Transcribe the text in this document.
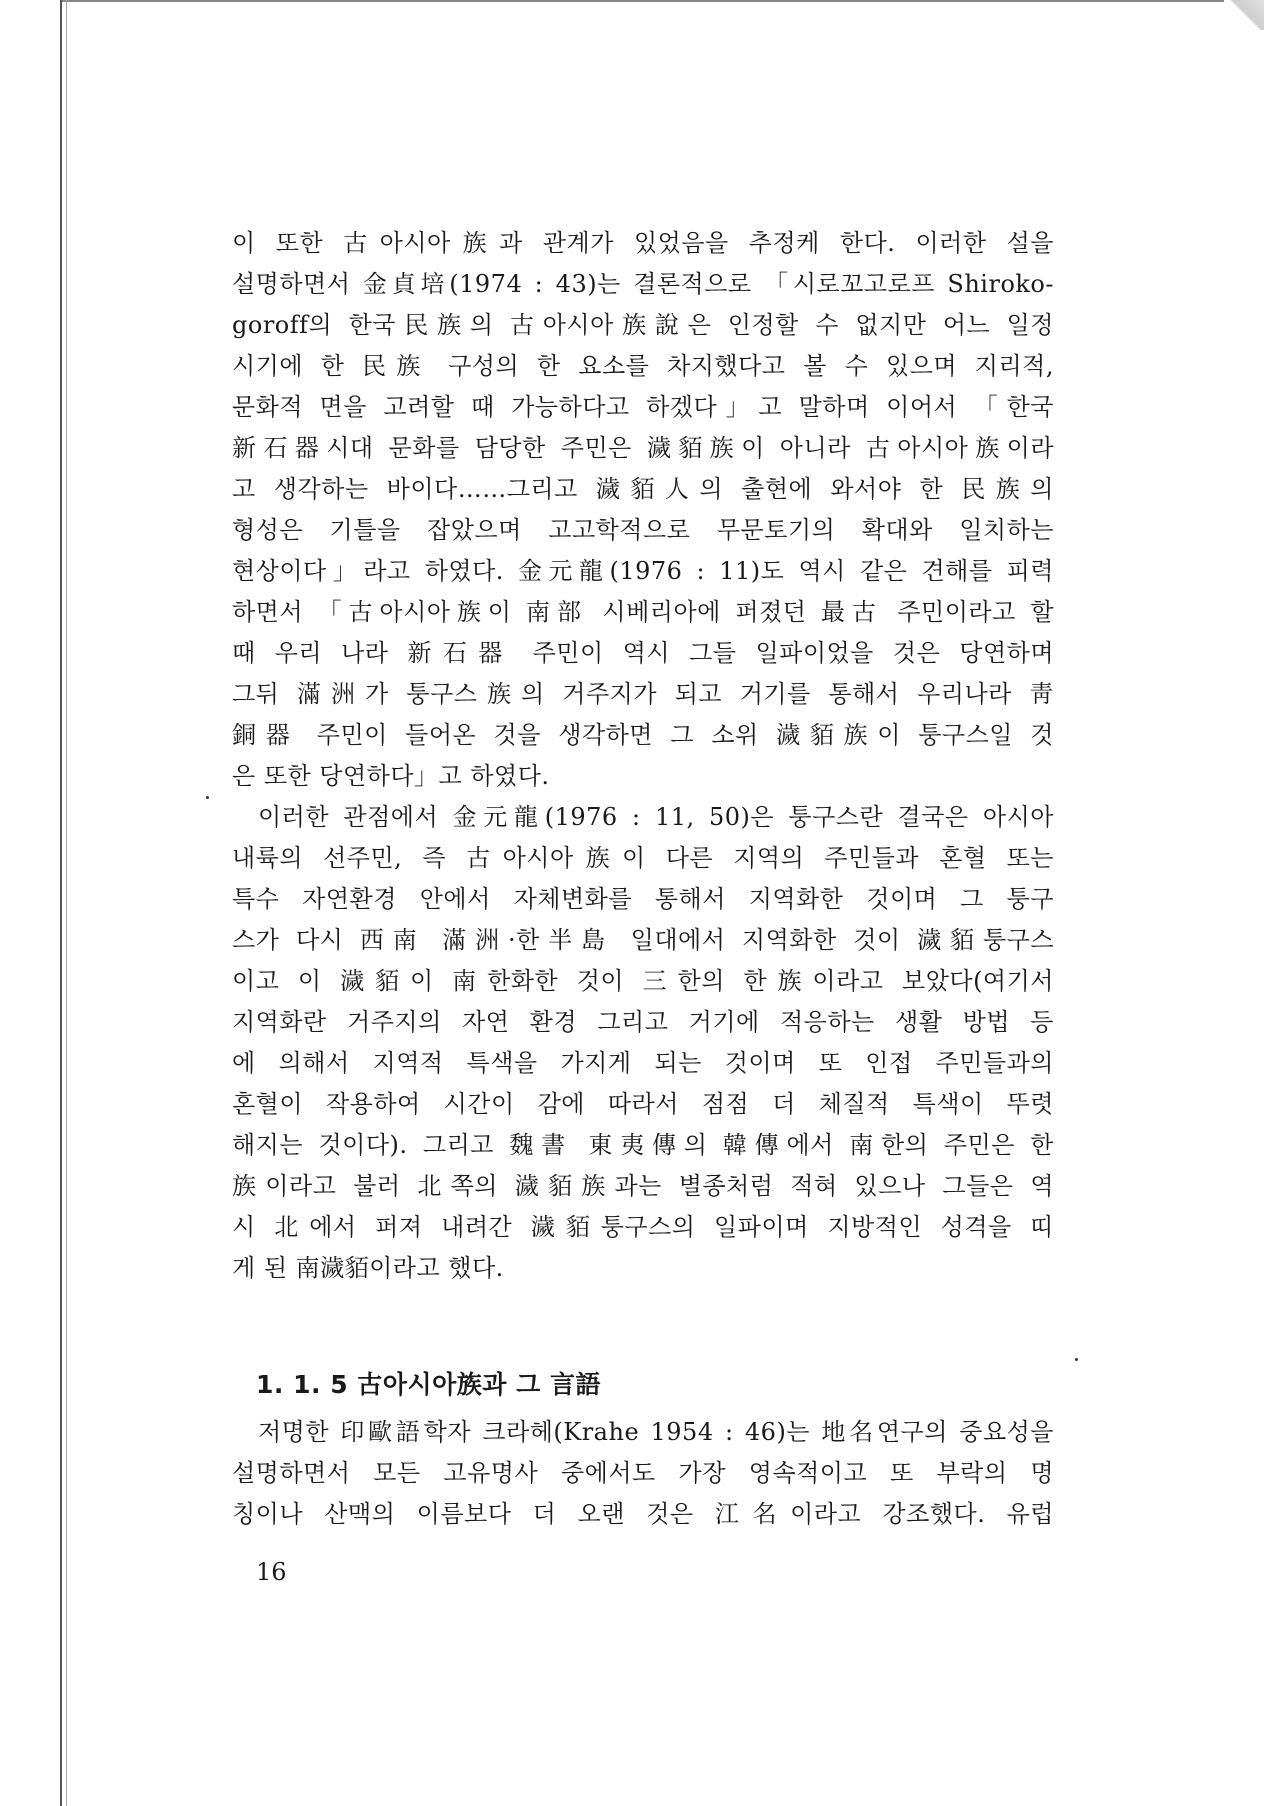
이 또한 古아시아族과 관계가 있었음을 추정케 한다. 이러한 설을
설명하면서 金貞培(1974 : 43)는 결론적으로 「시로꼬고로프 Shiroko-
goroff의 한국民族의 古아시아族說은 인정할 수 없지만 어느 일정
시기에 한 民族 구성의 한 요소를 차지했다고 볼 수 있으며 지리적,
문화적 면을 고려할 때 가능하다고 하겠다」고 말하며 이어서 「한국
新石器시대 문화를 담당한 주민은 濊貊族이 아니라 古아시아族이라
고 생각하는 바이다……그리고 濊貊人의 출현에 와서야 한 民族의
형성은 기틀을 잡았으며 고고학적으로 무문토기의 확대와 일치하는
현상이다」라고 하였다. 金元龍(1976 : 11)도 역시 같은 견해를 피력
하면서 「古아시아族이 南部 시베리아에 퍼졌던 最古 주민이라고 할
때 우리 나라 新石器 주민이 역시 그들 일파이었을 것은 당연하며
그뒤 滿洲가 퉁구스族의 거주지가 되고 거기를 통해서 우리나라 靑
銅器 주민이 들어온 것을 생각하면 그 소위 濊貊族이 퉁구스일 것
은 또한 당연하다」고 하였다.
이러한 관점에서 金元龍(1976 : 11, 50)은 퉁구스란 결국은 아시아
내륙의 선주민, 즉 古아시아族이 다른 지역의 주민들과 혼혈 또는
특수 자연환경 안에서 자체변화를 통해서 지역화한 것이며 그 퉁구
스가 다시 西南 滿洲·한半島 일대에서 지역화한 것이 濊貊퉁구스
이고 이 濊貊이 南한화한 것이 三한의 한族이라고 보았다(여기서
지역화란 거주지의 자연 환경 그리고 거기에 적응하는 생활 방법 등
에 의해서 지역적 특색을 가지게 되는 것이며 또 인접 주민들과의
혼혈이 작용하여 시간이 감에 따라서 점점 더 체질적 특색이 뚜렷
해지는 것이다). 그리고 魏書 東夷傳의 韓傳에서 南한의 주민은 한
族이라고 불러 北쪽의 濊貊族과는 별종처럼 적혀 있으나 그들은 역
시 北에서 퍼져 내려간 濊貊퉁구스의 일파이며 지방적인 성격을 띠
게 된 南濊貊이라고 했다.
1. 1. 5 古아시아族과 그 言語
저명한 印歐語학자 크라헤(Krahe 1954 : 46)는 地名연구의 중요성을
설명하면서 모든 고유명사 중에서도 가장 영속적이고 또 부락의 명
칭이나 산맥의 이름보다 더 오랜 것은 江名이라고 강조했다. 유럽
16
